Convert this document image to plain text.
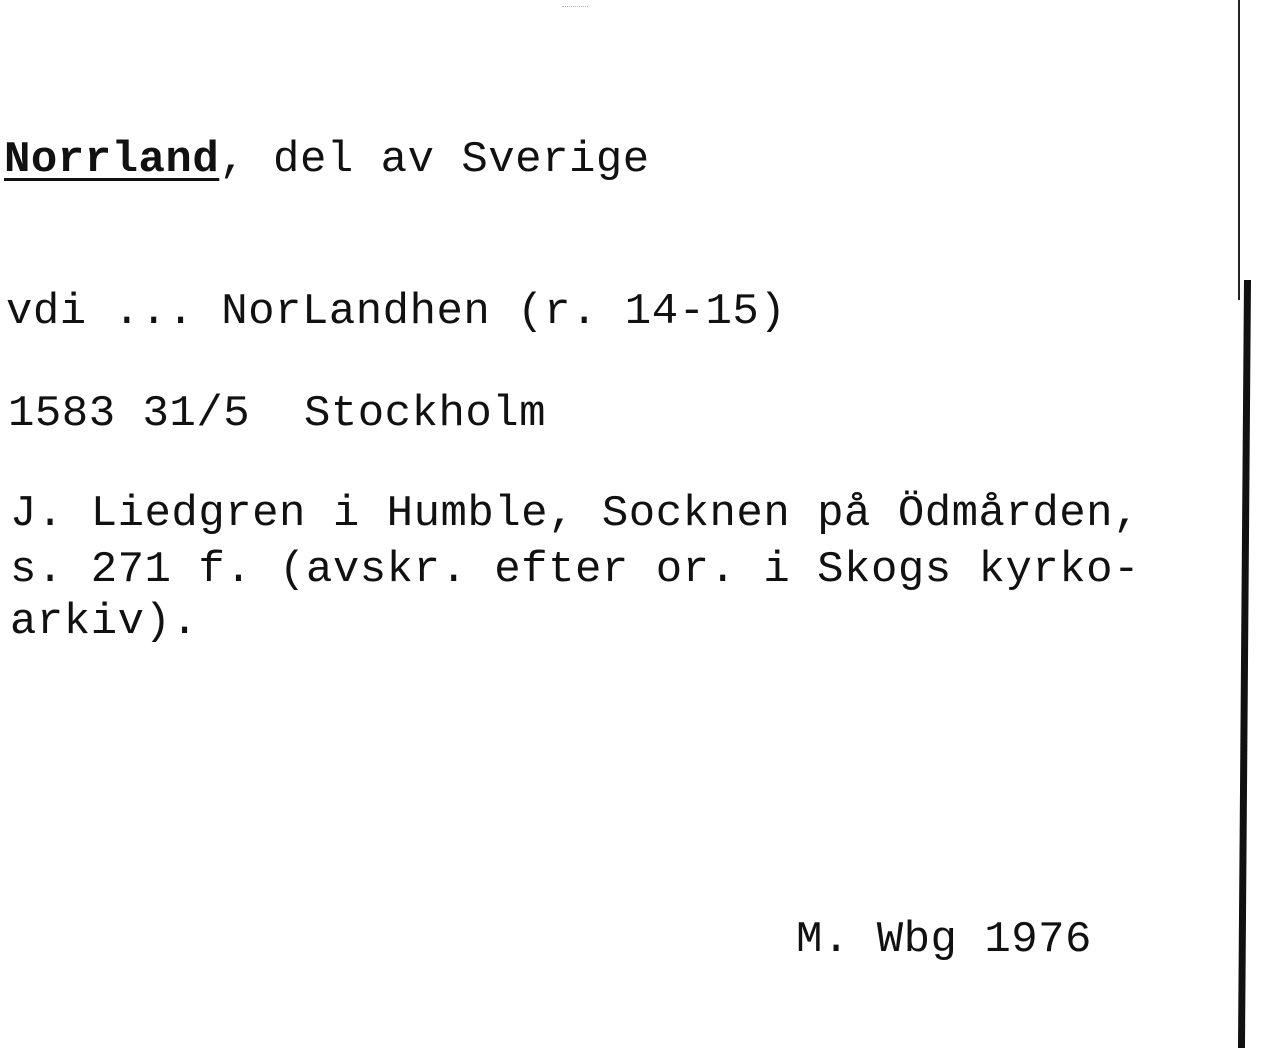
Norrland, del av Sverige
vdi ... NorLandhen (r. 14-15)
1583 31/5  Stockholm
J. Liedgren i Humble, Socknen på Ödmården,
s. 271 f. (avskr. efter or. i Skogs kyrko-
arkiv).
M. Wbg 1976
